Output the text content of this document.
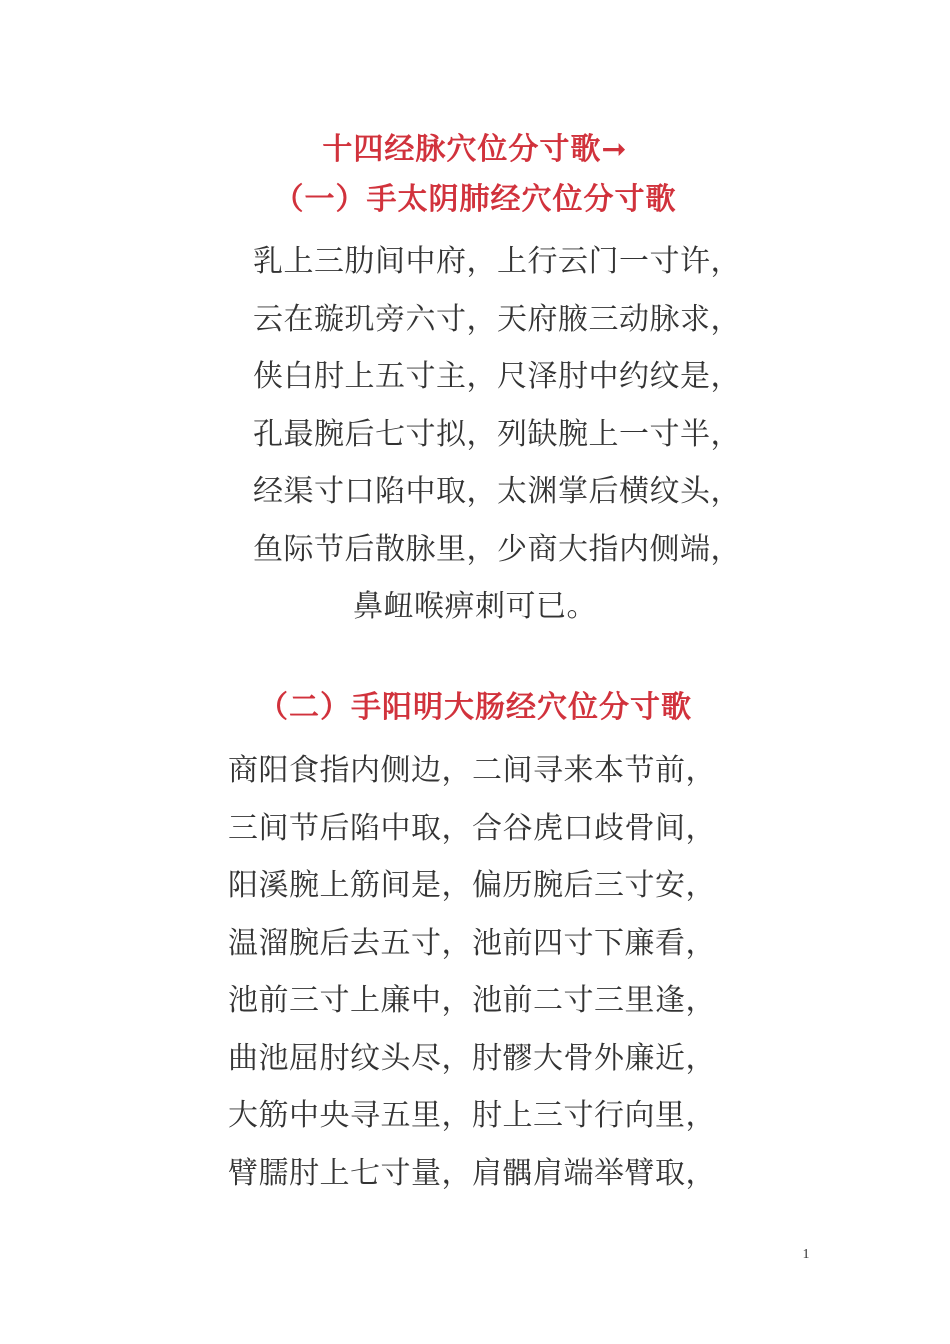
十四经脉穴位分寸歌➞
（一）手太阴肺经穴位分寸歌
乳上三肋间中府，上行云门一寸许，
云在璇玑旁六寸，天府腋三动脉求，
侠白肘上五寸主，尺泽肘中约纹是，
孔最腕后七寸拟，列缺腕上一寸半，
经渠寸口陷中取，太渊掌后横纹头，
鱼际节后散脉里，少商大指内侧端，
鼻衄喉痹刺可已。
（二）手阳明大肠经穴位分寸歌
商阳食指内侧边，二间寻来本节前，
三间节后陷中取，合谷虎口歧骨间，
阳溪腕上筋间是，偏历腕后三寸安，
温溜腕后去五寸，池前四寸下廉看，
池前三寸上廉中，池前二寸三里逢，
曲池屈肘纹头尽，肘髎大骨外廉近，
大筋中央寻五里，肘上三寸行向里，
臂臑肘上七寸量，肩髃肩端举臂取，
1
